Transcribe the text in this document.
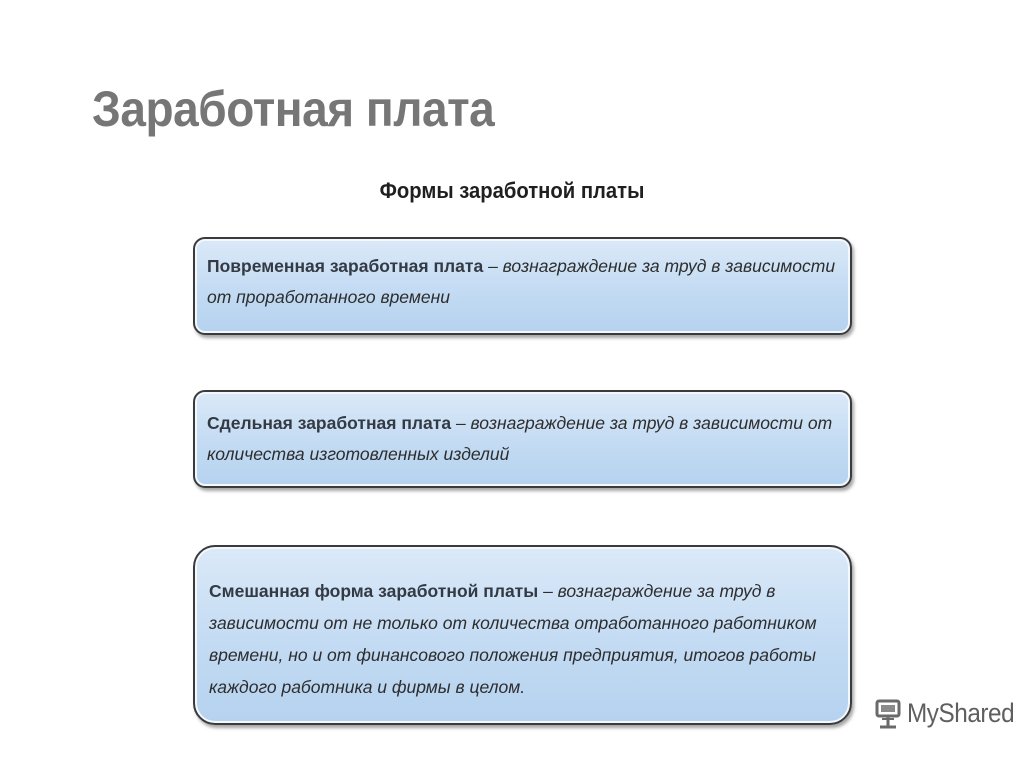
Заработная плата
Формы заработной платы
Повременная заработная плата – вознаграждение за труд в зависимости от проработанного времени
Сдельная заработная плата – вознаграждение за труд в зависимости от количества изготовленных изделий
Смешанная форма заработной платы – вознаграждение за труд в зависимости от не только от количества отработанного работником времени, но и от финансового положения предприятия, итогов работы каждого работника и фирмы в целом.
MyShared
